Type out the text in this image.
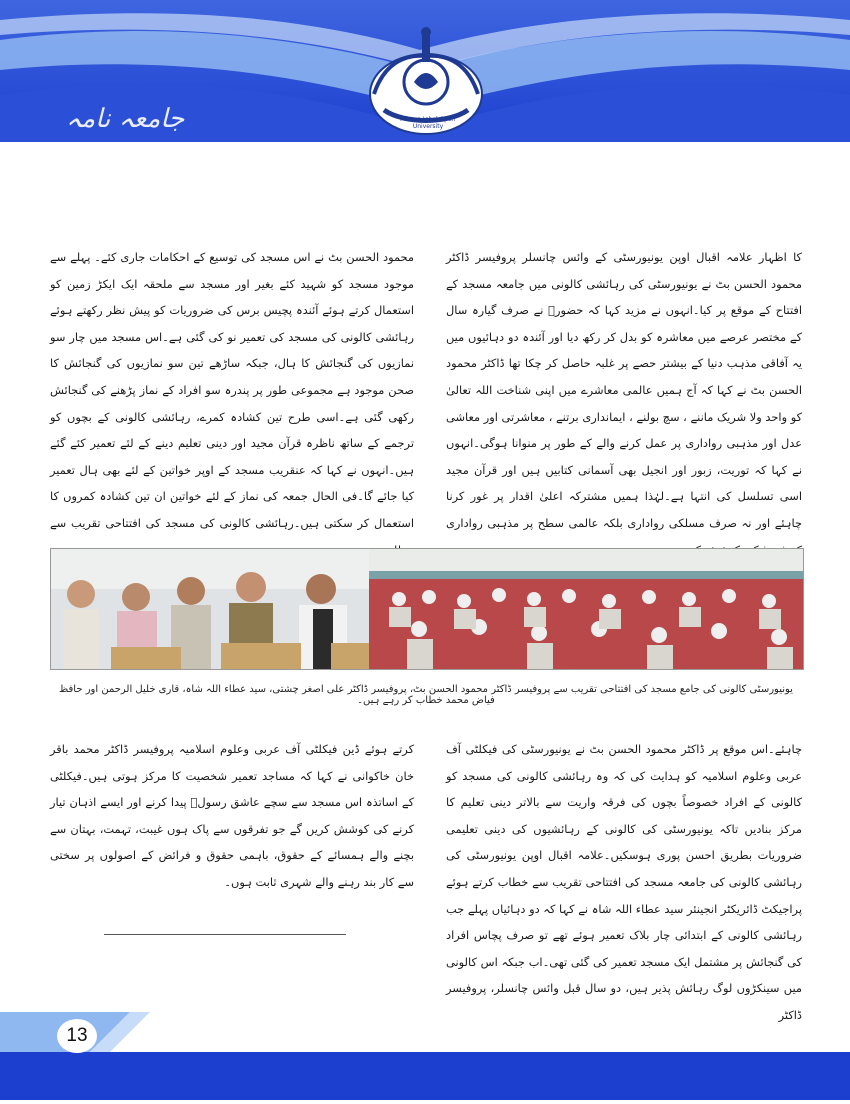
جامعہ نامہ	Allama Iqbal Open University

کا اظہار علامہ اقبال اوپن یونیورسٹی کے وائس چانسلر پروفیسر ڈاکٹر محمود الحسن بٹ نے یونیورسٹی کی رہائشی کالونی میں جامعہ مسجد کے افتتاح کے موقع پر کیا۔انہوں نے مزید کہا کہ حضورؐ نے صرف گیارہ سال کے مختصر عرصے میں معاشرہ کو بدل کر رکھ دیا اور آئندہ دو دہائیوں میں یہ آفاقی مذہب دنیا کے بیشتر حصے پر غلبہ حاصل کر چکا تھا ڈاکٹر محمود الحسن بٹ نے کہا کہ آج ہمیں عالمی معاشرے میں اپنی شناخت اللہ تعالیٰ کو واحد ولا شریک ماننے ، سچ بولنے ، ایمانداری برتنے ، معاشرتی اور معاشی عدل اور مذہبی رواداری پر عمل کرنے والے کے طور پر منوانا ہوگی۔انہوں نے کہا کہ توریت، زبور اور انجیل بھی آسمانی کتابیں ہیں اور قرآن مجید اسی تسلسل کی انتہا ہے۔لہٰذا ہمیں مشترکہ اعلیٰ اقدار پر غور کرنا چاہئے اور نہ صرف مسلکی رواداری بلکہ عالمی سطح پر مذہبی رواداری

محمود الحسن بٹ نے اس مسجد کی توسیع کے احکامات جاری کئے۔ پہلے سے موجود مسجد کو شہید کئے بغیر اور مسجد سے ملحقہ ایک ایکڑ زمین کو استعمال کرتے ہوئے آئندہ پچیس برس کی ضروریات کو پیش نظر رکھتے ہوئے رہائشی کالونی کی مسجد کی تعمیر نو کی گئی ہے۔اس مسجد میں چار سو نمازیوں کی گنجائش کا ہال، جبکہ ساڑھے تین سو نمازیوں کی گنجائش کا صحن موجود ہے مجموعی طور پر پندرہ سو افراد کے نماز پڑھنے کی گنجائش رکھی گئی ہے۔اسی طرح تین کشادہ کمرے، رہائشی کالونی کے بچوں کو ترجمے کے ساتھ ناظرہ قرآن مجید اور دینی تعلیم دینے کے لئے تعمیر کئے گئے ہیں۔انہوں نے کہا کہ عنقریب مسجد کے اوپر خواتین کے لئے بھی ہال تعمیر کیا جائے گا۔فی الحال جمعہ کی نماز کے لئے خواتین ان تین کشادہ کمروں کا استعمال کر سکتی ہیں۔رہائشی کالونی کی مسجد کی افتتاحی تقریب سے

یونیورسٹی کالونی کی جامع مسجد کی افتتاحی تقریب سے پروفیسر ڈاکٹر محمود الحسن بٹ، پروفیسر ڈاکٹر علی اصغر چشتی، سید عطاء اللہ شاہ، قاری خلیل الرحمن اور حافظ فیاض محمد خطاب کر رہے ہیں۔

چاہئے۔اس موقع پر ڈاکٹر محمود الحسن بٹ نے یونیورسٹی کی فیکلٹی آف عربی وعلوم اسلامیہ کو ہدایت کی کہ وہ رہائشی کالونی کی مسجد کو کالونی کے افراد خصوصاً بچوں کی فرقہ واریت سے بالاتر دینی تعلیم کا مرکز بنادیں تاکہ یونیورسٹی کی کالونی کے رہائشیوں کی دینی تعلیمی ضروریات بطریق احسن پوری ہوسکیں۔علامہ اقبال اوپن یونیورسٹی کی رہائشی کالونی کی جامعہ مسجد کی افتتاحی تقریب سے خطاب کرتے ہوئے پراجیکٹ ڈائریکٹر انجینئر سید عطاء اللہ شاہ نے کہا کہ دو دہائیاں پہلے جب رہائشی کالونی کے ابتدائی چار بلاک تعمیر ہوئے تھے تو صرف پچاس افراد کی گنجائش پر مشتمل ایک مسجد تعمیر کی گئی تھی۔اب جبکہ اس کالونی میں سینکڑوں لوگ رہائش پذیر ہیں، دو سال قبل وائس چانسلر، پروفیسر ڈاکٹر

کرتے ہوئے ڈین فیکلٹی آف عربی وعلوم اسلامیہ پروفیسر ڈاکٹر محمد باقر خان خاکوانی نے کہا کہ مساجد تعمیر شخصیت کا مرکز ہوتی ہیں۔فیکلٹی کے اساتذہ اس مسجد سے سچے عاشق رسولؐ پیدا کرنے اور ایسے اذہان تیار کرنے کی کوشش کریں گے جو تفرقوں سے پاک ہوں غیبت، تہمت، بہتان سے بچنے والے ہمسائے کے حقوق، باہمی حقوق و فرائض کے اصولوں پر سختی سے کار بند رہنے والے شہری ثابت ہوں۔

13
